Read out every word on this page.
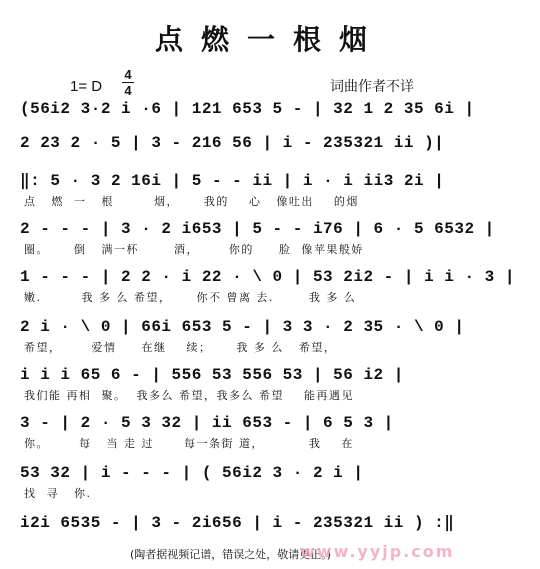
点燃一根烟
1= D
4
4	词曲作者不详
(56i2 3·2 i ·6 | 121 653 5 - | 32 1 2 35 6i |
2 23 2 · 5 | 3 - 216 56 | i - 235321 ii )|
‖: 5 · 3 2 16i | 5 - - ii | i · i ii3 2i |
点   燃  一   根        烟，     我的    心   像吐出    的烟
2 - - - | 3 · 2 i653 | 5 - - i76 | 6 · 5 6532 |
圈。     倒   满一杯       酒，      你的     脸  像苹果般娇
1 - - - | 2 2 · i 22 · \ 0 | 53 2i2 - | i i · 3 |
嫩.        我 多 么 希望，     你不 曾离 去.       我 多 么
2 i · \ 0 | 66i 653 5 - | 3 3 · 2 35 · \ 0 |
希望，      爱情     在继    续；     我 多 么   希望，
i i i 65 6 - | 556 53 556 53 | 56 i2 |
我们能 再相  聚。  我多么 希望，我多么 希望    能再遇见
3 - | 2 · 5 3 32 | ii 653 - | 6 5 3 |
你。      每   当 走 过      每一条街 道，         我    在
53 32 | i - - - | ( 56i2 3 · 2 i |
找  寻   你.
i2i 6535 - | 3 - 2i656 | i - 235321 ii ) :‖
(陶者据视频记谱，错误之处，敬请更正。)
www.yyjp.com
